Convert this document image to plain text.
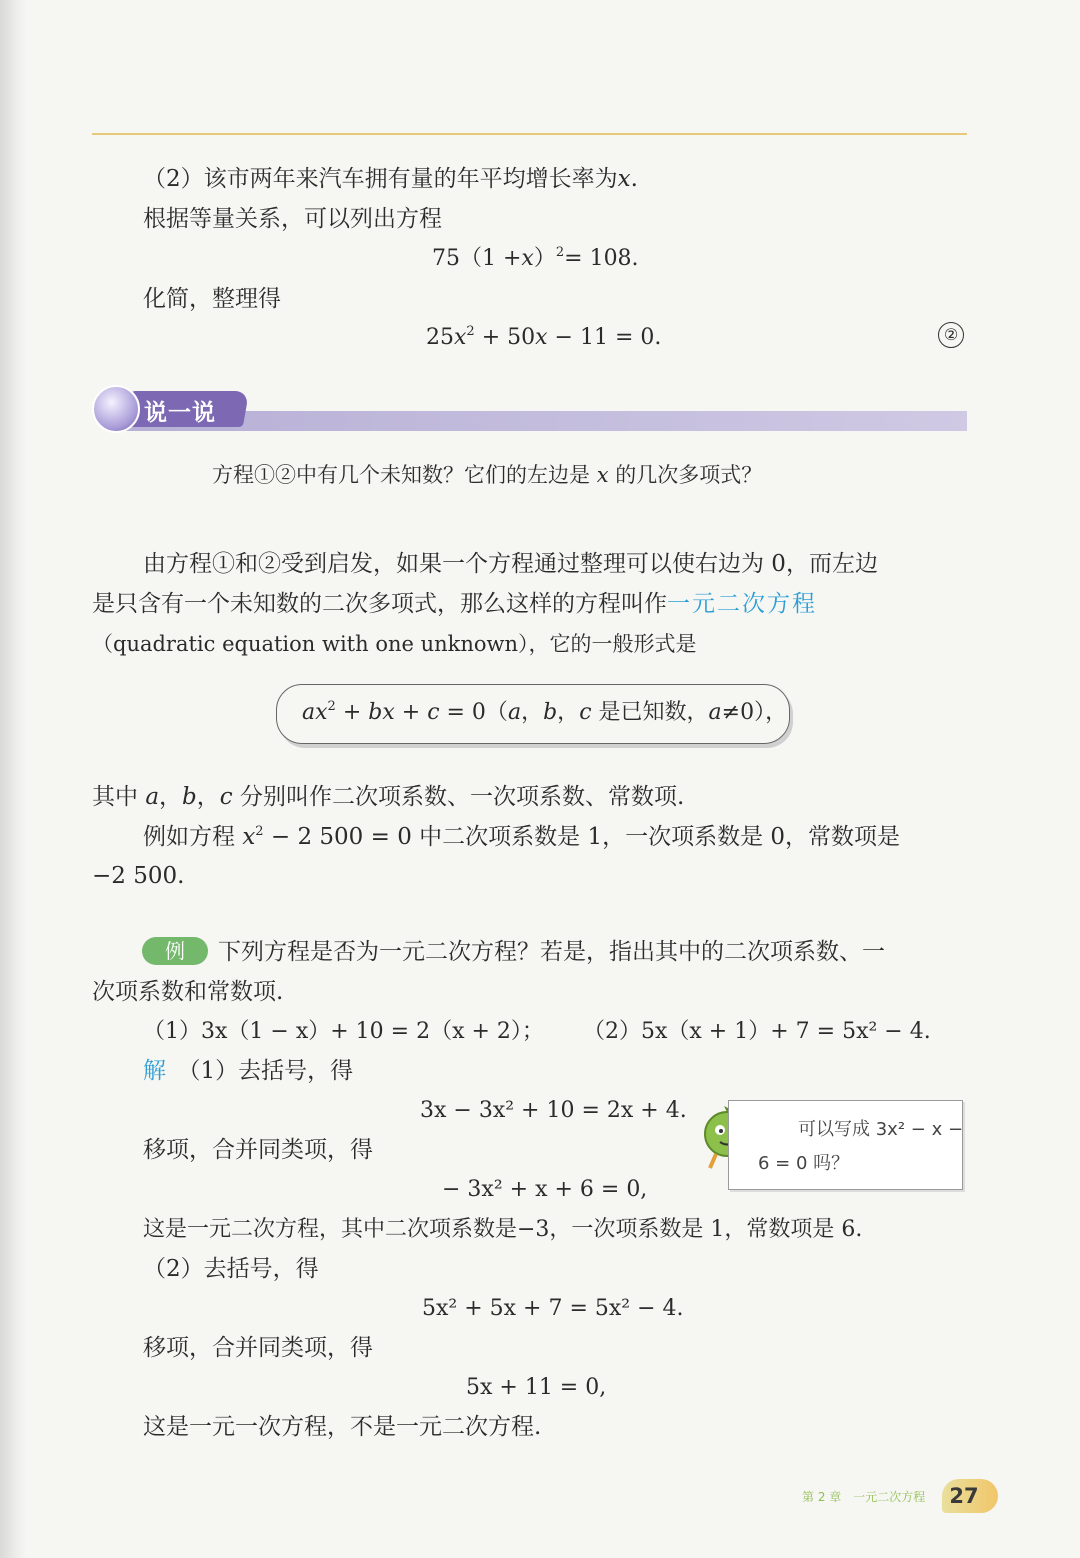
（2）该市两年来汽车拥有量的年平均增长率为x.
根据等量关系，可以列出方程
$75(1 +x)^2= 108$.
化简，整理得
$25x^2 + 50x - 11 = 0$.	②
说一说
方程①②中有几个未知数？它们的左边是 x 的几次多项式？
由方程①和②受到启发，如果一个方程通过整理可以使右边为 0，而左边
是只含有一个未知数的二次多项式，那么这样的方程叫作一元二次方程
（quadratic equation with one unknown），它的一般形式是
$ax^2$ + bx + c = 0（a，b，c 是已知数，a≠0），
其中 a，b，c 分别叫作二次项系数、一次项系数、常数项.
例如方程 $x^2 - 2$ 500 = 0 中二次项系数是 1，一次项系数是 0，常数项是
−2 500.
例	下列方程是否为一元二次方程？若是，指出其中的二次项系数、一
次项系数和常数项.
（1）3x（1 − x）+ 10 = 2（x + 2）； （2）5x（x + 1）+ 7 = 5x² − 4.
解　 （1）去括号，得
3x − 3x² + 10 = 2x + 4.
移项，合并同类项，得
− 3x² + x + 6 = 0,
这是一元二次方程，其中二次项系数是−3，一次项系数是 1，常数项是 6.
（2）去括号，得
5x² + 5x + 7 = 5x² − 4.
移项，合并同类项，得
5x + 11 = 0,
这是一元一次方程，不是一元二次方程.
可以写成 3x² − x −
6 = 0 吗？
第 2 章　一元二次方程	27
